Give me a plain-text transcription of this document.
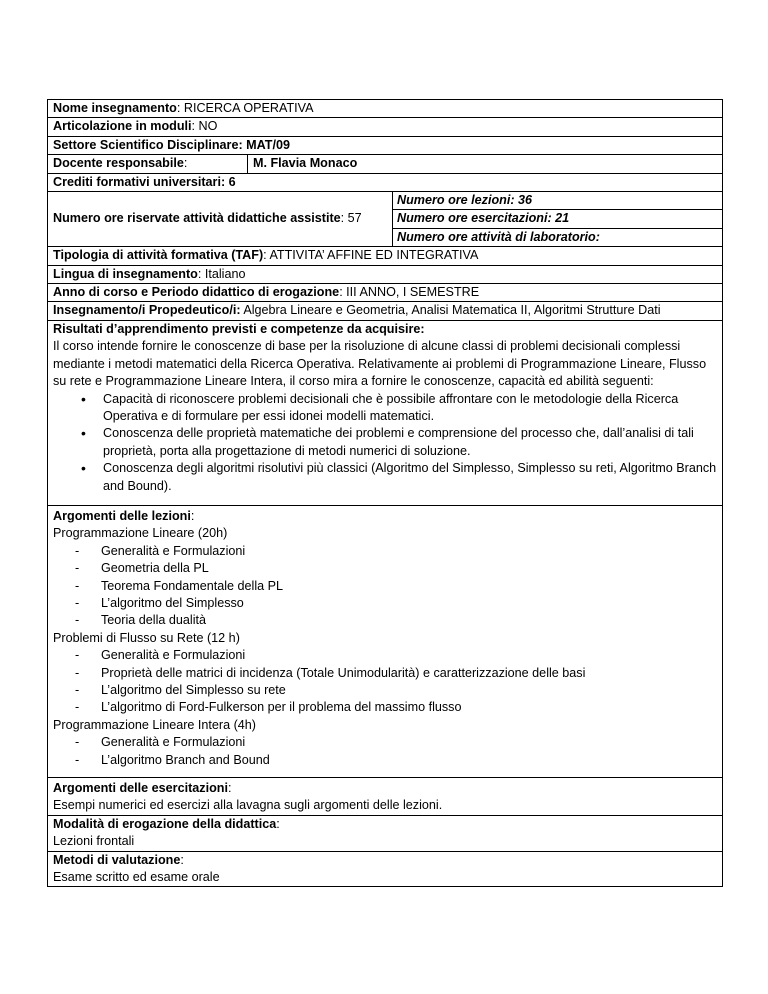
Nome insegnamento: RICERCA OPERATIVA
Articolazione in moduli: NO
Settore Scientifico Disciplinare: MAT/09
Docente responsabile:	M. Flavia Monaco
Crediti formativi universitari: 6
Numero ore riservate attività didattiche assistite : 57
Numero ore lezioni: 36
Numero ore esercitazioni: 21
Numero ore attività di laboratorio:
Tipologia di attività formativa (TAF): ATTIVITA’ AFFINE ED INTEGRATIVA
Lingua di insegnamento: Italiano
Anno di corso e Periodo didattico di erogazione: III ANNO, I SEMESTRE
Insegnamento/i Propedeutico/i: Algebra Lineare e Geometria, Analisi Matematica II, Algoritmi Strutture Dati
Risultati d’apprendimento previsti e competenze da acquisire:
Il corso intende fornire le conoscenze di base per la risoluzione di alcune classi di problemi decisionali complessi mediante i metodi matematici della Ricerca Operativa. Relativamente ai problemi di Programmazione Lineare, Flusso su rete e Programmazione Lineare Intera, il corso mira a fornire le conoscenze, capacità ed abilità seguenti:
• Capacità di riconoscere problemi decisionali che è possibile affrontare con le metodologie della Ricerca Operativa e di formulare per essi idonei modelli matematici.
• Conoscenza delle proprietà matematiche dei problemi e comprensione del processo che, dall’analisi di tali proprietà, porta alla progettazione di metodi numerici di soluzione.
• Conoscenza degli algoritmi risolutivi più classici (Algoritmo del Simplesso, Simplesso su reti, Algoritmo Branch and Bound).
Argomenti delle lezioni:
Programmazione Lineare (20h)
- Generalità e Formulazioni
- Geometria della PL
- Teorema Fondamentale della PL
- L’algoritmo del Simplesso
- Teoria della dualità
Problemi di Flusso su Rete (12 h)
- Generalità e Formulazioni
- Proprietà delle matrici di incidenza (Totale Unimodularità) e caratterizzazione delle basi
- L’algoritmo del Simplesso su rete
- L’algoritmo di Ford-Fulkerson per il problema del massimo flusso
Programmazione Lineare Intera (4h)
- Generalità e Formulazioni
- L’algoritmo Branch and Bound
Argomenti delle esercitazioni:
Esempi numerici ed esercizi alla lavagna sugli argomenti delle lezioni.
Modalità di erogazione della didattica:
Lezioni frontali
Metodi di valutazione:
Esame scritto ed esame orale
